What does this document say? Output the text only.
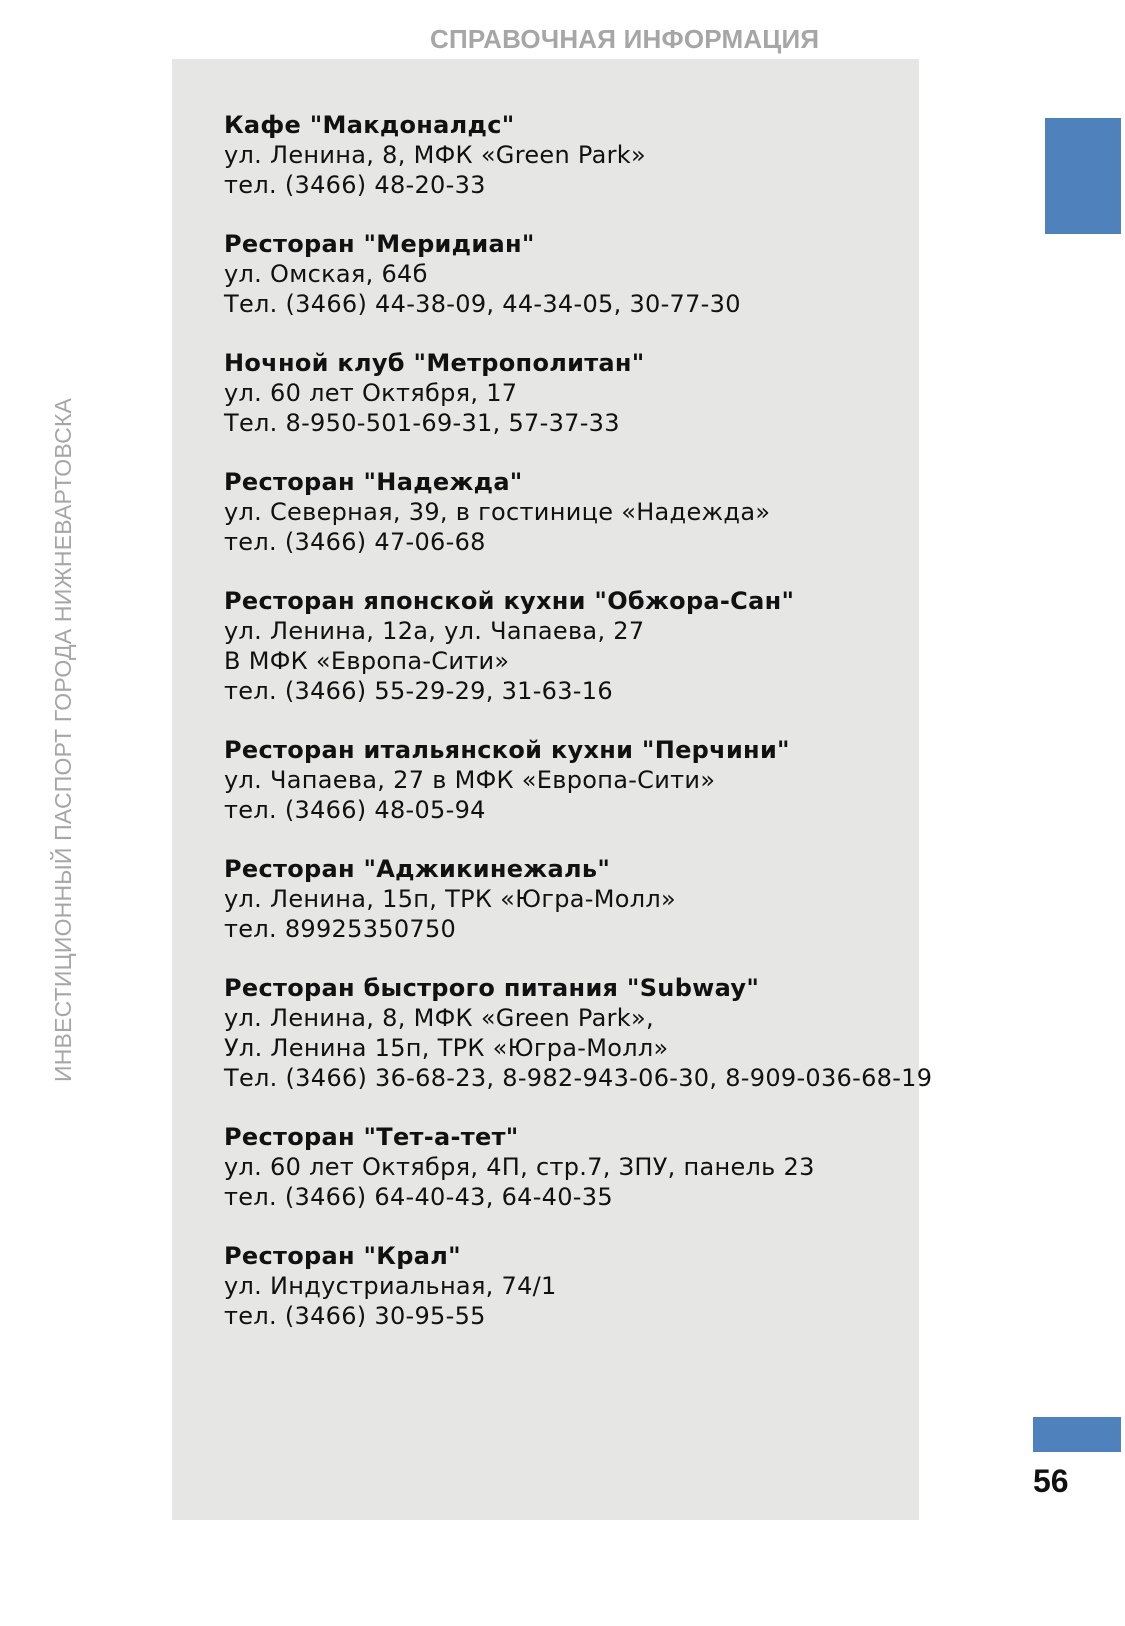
СПРАВОЧНАЯ ИНФОРМАЦИЯ
ИНВЕСТИЦИОННЫЙ ПАСПОРТ ГОРОДА НИЖНЕВАРТОВСКА
56
Кафе "Макдоналдс"
ул. Ленина, 8, МФК «Green Park»
тел. (3466) 48-20-33
Ресторан "Меридиан"
ул. Омская, 64б
Тел. (3466) 44-38-09, 44-34-05, 30-77-30
Ночной клуб "Метрополитан"
ул. 60 лет Октября, 17
Тел. 8-950-501-69-31, 57-37-33
Ресторан "Надежда"
ул. Северная, 39, в гостинице «Надежда»
тел. (3466) 47-06-68
Ресторан японской кухни "Обжора-Сан"
ул. Ленина, 12а, ул. Чапаева, 27
В МФК «Европа-Сити»
тел. (3466) 55-29-29, 31-63-16
Ресторан итальянской кухни "Перчини"
ул. Чапаева, 27 в МФК «Европа-Сити»
тел. (3466) 48-05-94
Ресторан "Аджикинежаль"
ул. Ленина, 15п, ТРК «Югра-Молл»
тел. 89925350750
Ресторан быстрого питания "Subway"
ул. Ленина, 8, МФК «Green Park»,
Ул. Ленина 15п, ТРК «Югра-Молл»
Тел. (3466) 36-68-23, 8-982-943-06-30, 8-909-036-68-19
Ресторан "Тет-а-тет"
ул. 60 лет Октября, 4П, стр.7, ЗПУ, панель 23
тел. (3466) 64-40-43, 64-40-35
Ресторан "Крал"
ул. Индустриальная, 74/1
тел. (3466) 30-95-55
